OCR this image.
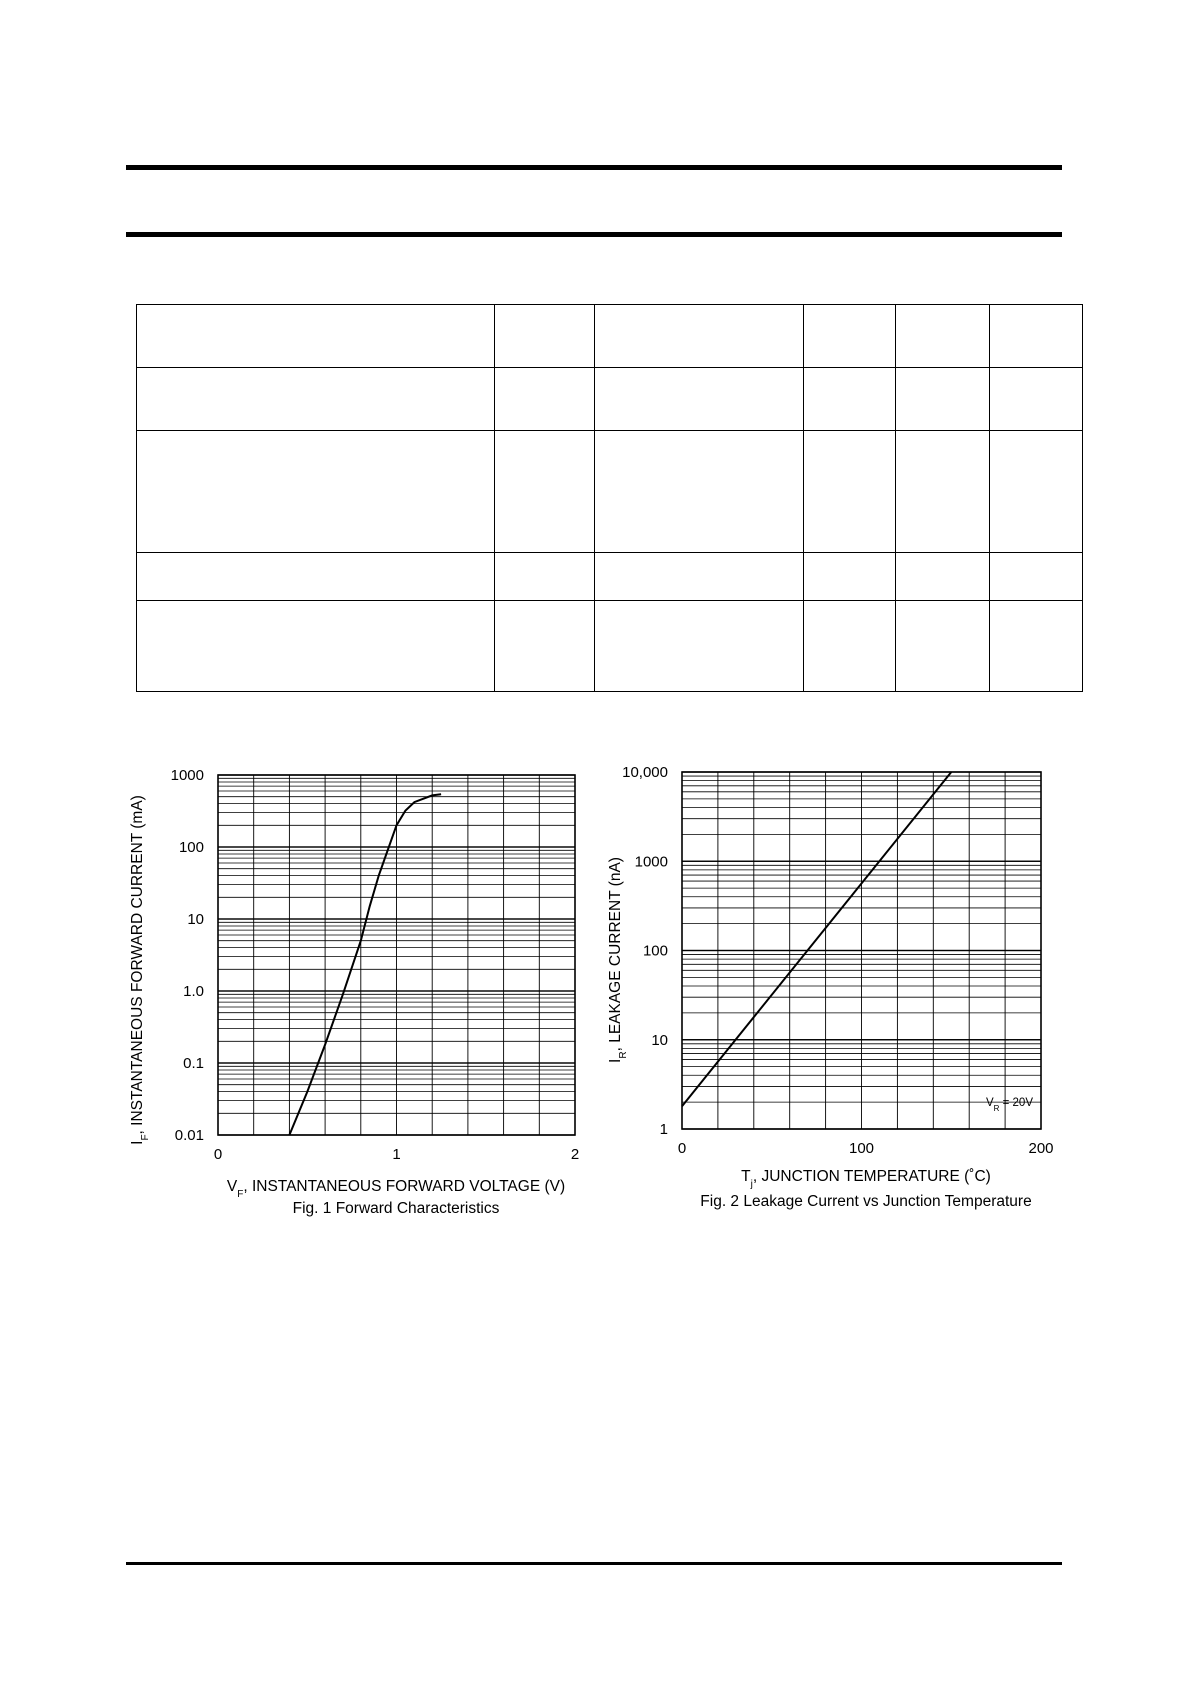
0.01
0.1
1.0
10
100
1000
0	1	2
$I_F$, INSTANTANEOUS FORWARD CURRENT (mA)
$V_F$, INSTANTANEOUS FORWARD VOLTAGE (V)
Fig. 1 Forward Characteristics
1
10
100
1000
10,000
0	100	200
$V_R = 20V$
$I_R$, LEAKAGE CURRENT (nA)
$T_j$, JUNCTION TEMPERATURE (˚C)
Fig. 2 Leakage Current vs Junction Temperature
